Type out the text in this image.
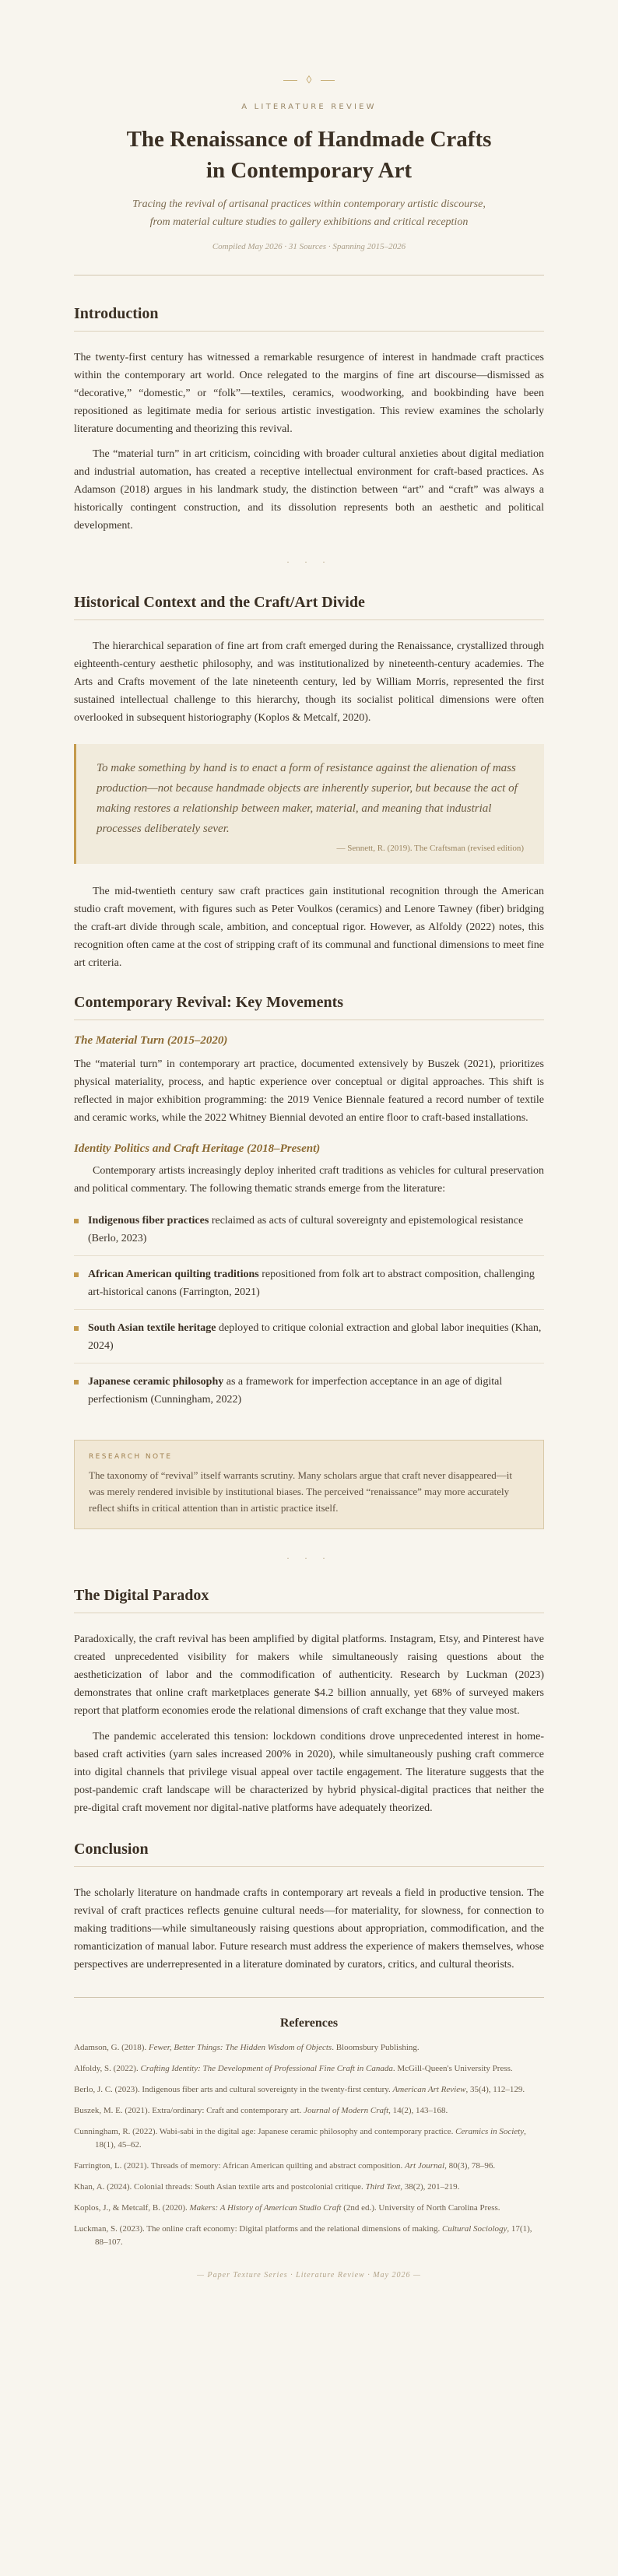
◊
A LITERATURE REVIEW
The Renaissance of Handmade Crafts
in Contemporary Art
Tracing the revival of artisanal practices within contemporary artistic discourse,
from material culture studies to gallery exhibitions and critical reception
Compiled May 2026 · 31 Sources · Spanning 2015–2026
Introduction

The twenty-first century has witnessed a remarkable resurgence of interest in handmade craft practices within the contemporary art world. Once relegated to the margins of fine art discourse—dismissed as “decorative,” “domestic,” or “folk”—textiles, ceramics, woodworking, and bookbinding have been repositioned as legitimate media for serious artistic investigation. This review examines the scholarly literature documenting and theorizing this revival.

The “material turn” in art criticism, coinciding with broader cultural anxieties about digital mediation and industrial automation, has created a receptive intellectual environment for craft-based practices. As Adamson (2018) argues in his landmark study, the distinction between “art” and “craft” was always a historically contingent construction, and its dissolution represents both an aesthetic and political development.

· · ·
Historical Context and the Craft/Art Divide

The hierarchical separation of fine art from craft emerged during the Renaissance, crystallized through eighteenth-century aesthetic philosophy, and was institutionalized by nineteenth-century academies. The Arts and Crafts movement of the late nineteenth century, led by William Morris, represented the first sustained intellectual challenge to this hierarchy, though its socialist political dimensions were often overlooked in subsequent historiography (Koplos & Metcalf, 2020).

To make something by hand is to enact a form of resistance against the alienation of mass production—not because handmade objects are inherently superior, but because the act of making restores a relationship between maker, material, and meaning that industrial processes deliberately sever.
— Sennett, R. (2019). The Craftsman (revised edition)

The mid-twentieth century saw craft practices gain institutional recognition through the American studio craft movement, with figures such as Peter Voulkos (ceramics) and Lenore Tawney (fiber) bridging the craft-art divide through scale, ambition, and conceptual rigor. However, as Alfoldy (2022) notes, this recognition often came at the cost of stripping craft of its communal and functional dimensions to meet fine art criteria.

Contemporary Revival: Key Movements
The Material Turn (2015–2020)

The “material turn” in contemporary art practice, documented extensively by Buszek (2021), prioritizes physical materiality, process, and haptic experience over conceptual or digital approaches. This shift is reflected in major exhibition programming: the 2019 Venice Biennale featured a record number of textile and ceramic works, while the 2022 Whitney Biennial devoted an entire floor to craft-based installations.

Identity Politics and Craft Heritage (2018–Present)

Contemporary artists increasingly deploy inherited craft traditions as vehicles for cultural preservation and political commentary. The following thematic strands emerge from the literature:

Indigenous fiber practices reclaimed as acts of cultural sovereignty and epistemological resistance (Berlo, 2023)
African American quilting traditions repositioned from folk art to abstract composition, challenging art-historical canons (Farrington, 2021)
South Asian textile heritage deployed to critique colonial extraction and global labor inequities (Khan, 2024)
Japanese ceramic philosophy as a framework for imperfection acceptance in an age of digital perfectionism (Cunningham, 2022)
RESEARCH NOTE
The taxonomy of “revival” itself warrants scrutiny. Many scholars argue that craft never disappeared—it was merely rendered invisible by institutional biases. The perceived “renaissance” may more accurately reflect shifts in critical attention than in artistic practice itself.
· · ·
The Digital Paradox

Paradoxically, the craft revival has been amplified by digital platforms. Instagram, Etsy, and Pinterest have created unprecedented visibility for makers while simultaneously raising questions about the aestheticization of labor and the commodification of authenticity. Research by Luckman (2023) demonstrates that online craft marketplaces generate $4.2 billion annually, yet 68% of surveyed makers report that platform economies erode the relational dimensions of craft exchange that they value most.

The pandemic accelerated this tension: lockdown conditions drove unprecedented interest in home-based craft activities (yarn sales increased 200% in 2020), while simultaneously pushing craft commerce into digital channels that privilege visual appeal over tactile engagement. The literature suggests that the post-pandemic craft landscape will be characterized by hybrid physical-digital practices that neither the pre-digital craft movement nor digital-native platforms have adequately theorized.

Conclusion

The scholarly literature on handmade crafts in contemporary art reveals a field in productive tension. The revival of craft practices reflects genuine cultural needs—for materiality, for slowness, for connection to making traditions—while simultaneously raising questions about appropriation, commodification, and the romanticization of manual labor. Future research must address the experience of makers themselves, whose perspectives are underrepresented in a literature dominated by curators, critics, and cultural theorists.

References
Adamson, G. (2018). Fewer, Better Things: The Hidden Wisdom of Objects. Bloomsbury Publishing.
Alfoldy, S. (2022). Crafting Identity: The Development of Professional Fine Craft in Canada. McGill-Queen's University Press.
Berlo, J. C. (2023). Indigenous fiber arts and cultural sovereignty in the twenty-first century. American Art Review, 35(4), 112–129.
Buszek, M. E. (2021). Extra/ordinary: Craft and contemporary art. Journal of Modern Craft, 14(2), 143–168.
Cunningham, R. (2022). Wabi-sabi in the digital age: Japanese ceramic philosophy and contemporary practice. Ceramics in Society, 18(1), 45–62.
Farrington, L. (2021). Threads of memory: African American quilting and abstract composition. Art Journal, 80(3), 78–96.
Khan, A. (2024). Colonial threads: South Asian textile arts and postcolonial critique. Third Text, 38(2), 201–219.
Koplos, J., & Metcalf, B. (2020). Makers: A History of American Studio Craft (2nd ed.). University of North Carolina Press.
Luckman, S. (2023). The online craft economy: Digital platforms and the relational dimensions of making. Cultural Sociology, 17(1), 88–107.
— Paper Texture Series · Literature Review · May 2026 —
